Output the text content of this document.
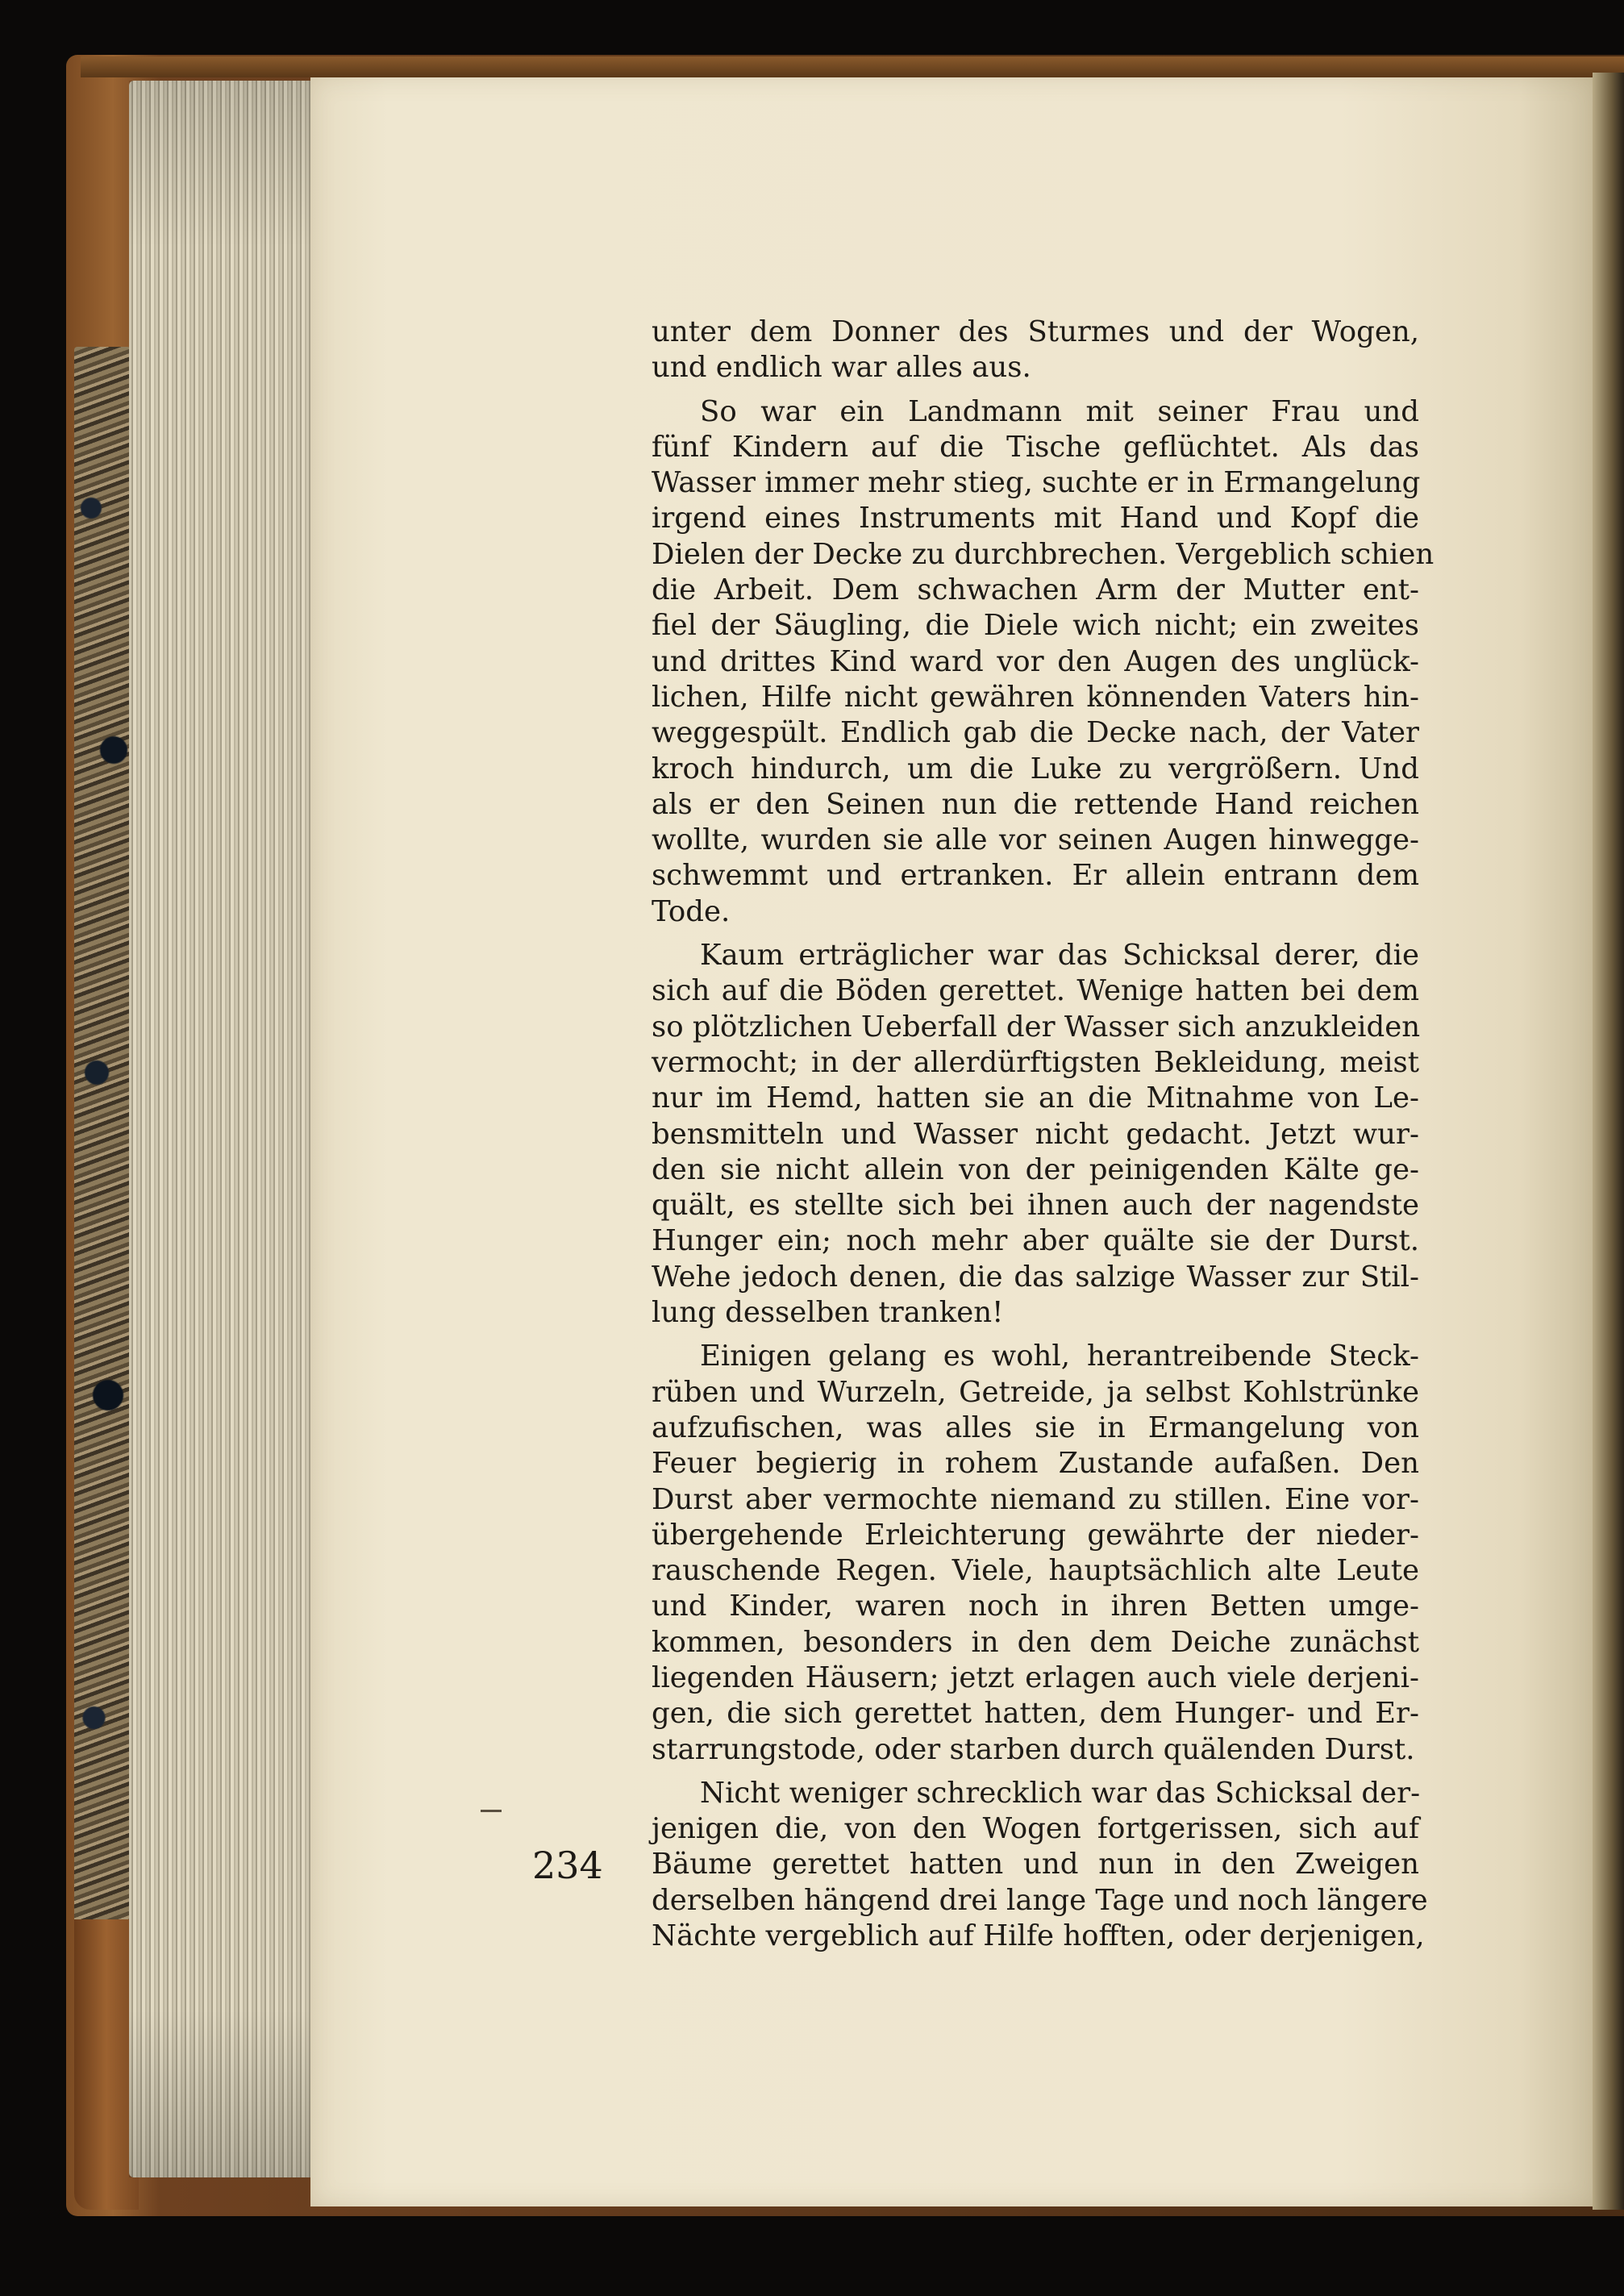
234
unter dem Donner des Sturmes und der Wogen,
und endlich war alles aus.
So war ein Landmann mit seiner Frau und
fünf Kindern auf die Tische geflüchtet. Als das
Wasser immer mehr stieg, suchte er in Ermangelung
irgend eines Instruments mit Hand und Kopf die
Dielen der Decke zu durchbrechen. Vergeblich schien
die Arbeit. Dem schwachen Arm der Mutter ent-
fiel der Säugling, die Diele wich nicht; ein zweites
und drittes Kind ward vor den Augen des unglück-
lichen, Hilfe nicht gewähren könnenden Vaters hin-
weggespült. Endlich gab die Decke nach, der Vater
kroch hindurch, um die Luke zu vergrößern. Und
als er den Seinen nun die rettende Hand reichen
wollte, wurden sie alle vor seinen Augen hinwegge-
schwemmt und ertranken. Er allein entrann dem
Tode.
Kaum erträglicher war das Schicksal derer, die
sich auf die Böden gerettet. Wenige hatten bei dem
so plötzlichen Ueberfall der Wasser sich anzukleiden
vermocht; in der allerdürftigsten Bekleidung, meist
nur im Hemd, hatten sie an die Mitnahme von Le-
bensmitteln und Wasser nicht gedacht. Jetzt wur-
den sie nicht allein von der peinigenden Kälte ge-
quält, es stellte sich bei ihnen auch der nagendste
Hunger ein; noch mehr aber quälte sie der Durst.
Wehe jedoch denen, die das salzige Wasser zur Stil-
lung desselben tranken!
Einigen gelang es wohl, herantreibende Steck-
rüben und Wurzeln, Getreide, ja selbst Kohlstrünke
aufzufischen, was alles sie in Ermangelung von
Feuer begierig in rohem Zustande aufaßen. Den
Durst aber vermochte niemand zu stillen. Eine vor-
übergehende Erleichterung gewährte der nieder-
rauschende Regen. Viele, hauptsächlich alte Leute
und Kinder, waren noch in ihren Betten umge-
kommen, besonders in den dem Deiche zunächst
liegenden Häusern; jetzt erlagen auch viele derjeni-
gen, die sich gerettet hatten, dem Hunger- und Er-
starrungstode, oder starben durch quälenden Durst.
Nicht weniger schrecklich war das Schicksal der-
jenigen die, von den Wogen fortgerissen, sich auf
Bäume gerettet hatten und nun in den Zweigen
derselben hängend drei lange Tage und noch längere
Nächte vergeblich auf Hilfe hofften, oder derjenigen,
